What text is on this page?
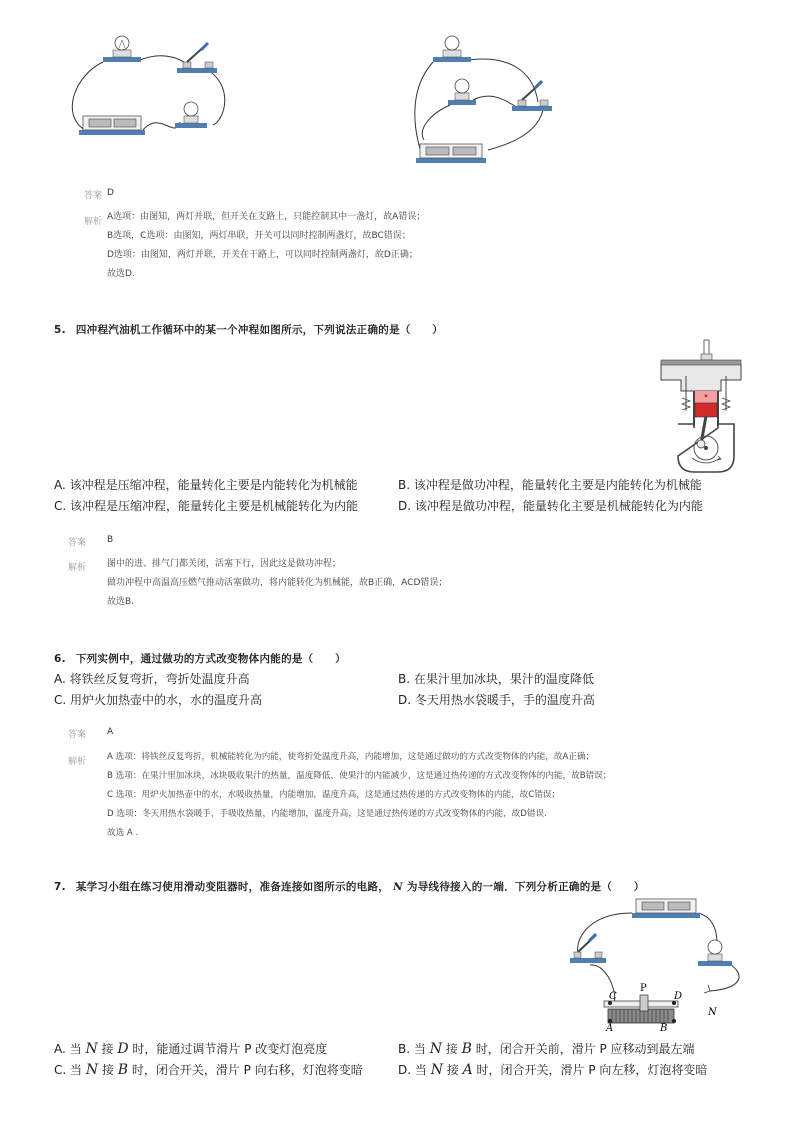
答案 D
解析 A选项：由图知，两灯并联，但开关在支路上，只能控制其中一盏灯，故A错误；
B选项，C选项：由图知，两灯串联，开关可以同时控制两盏灯，故BC错误；
D选项：由图知，两灯并联，开关在干路上，可以同时控制两盏灯，故D正确；
故选D.
5. 四冲程汽油机工作循环中的某一个冲程如图所示，下列说法正确的是（　　）
✶
A. 该冲程是压缩冲程，能量转化主要是内能转化为机械能	B. 该冲程是做功冲程，能量转化主要是内能转化为机械能
C. 该冲程是压缩冲程，能量转化主要是机械能转化为内能	D. 该冲程是做功冲程，能量转化主要是机械能转化为内能
答案 B
解析 图中的进、排气门都关闭，活塞下行，因此这是做功冲程；
做功冲程中高温高压燃气推动活塞做功，将内能转化为机械能，故B正确，ACD错误；
故选B.
6. 下列实例中，通过做功的方式改变物体内能的是（　　）
A. 将铁丝反复弯折，弯折处温度升高	B. 在果汁里加冰块，果汁的温度降低
C. 用炉火加热壶中的水，水的温度升高	D. 冬天用热水袋暖手，手的温度升高
答案 A
解析 A 选项：将铁丝反复弯折，机械能转化为内能，使弯折处温度升高，内能增加，这是通过做功的方式改变物体的内能，故A正确；
B 选项：在果汁里加冰块，冰块吸收果汁的热量，温度降低，使果汁的内能减少，这是通过热传递的方式改变物体的内能，故B错误；
C 选项：用炉火加热壶中的水，水吸收热量，内能增加，温度升高，这是通过热传递的方式改变物体的内能，故C错误；
D 选项：冬天用热水袋暖手，手吸收热量，内能增加，温度升高，这是通过热传递的方式改变物体的内能，故D错误.
故选 A .
7. 某学习小组在练习使用滑动变阻器时，准备连接如图所示的电路， N 为导线待接入的一端．下列分析正确的是（　　）
C
P
D
A	B
N
A. 当 N 接 D 时，能通过调节滑片 P 改变灯泡亮度	B. 当 N 接 B 时，闭合开关前，滑片 P 应移动到最左端
C. 当 N 接 B 时，闭合开关，滑片 P 向右移，灯泡将变暗	D. 当 N 接 A 时，闭合开关，滑片 P 向左移，灯泡将变暗
